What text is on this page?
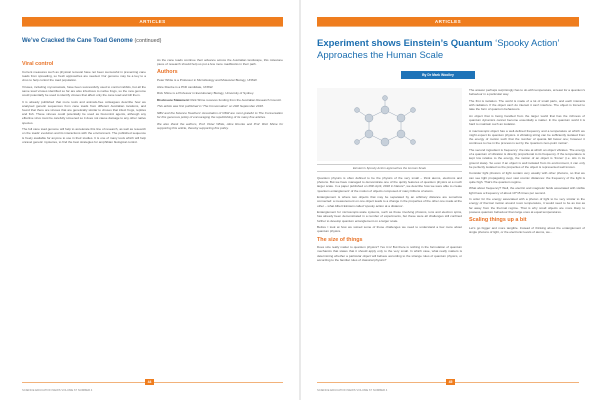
ARTICLES
We’ve Cracked the Cane Toad Genome (continued)
Viral control

Current measures such as physical removal have not been successful in preventing cane toads from spreading, so fresh approaches are needed. Our genome may be a key to a virus to help control the toad population.

Viruses, including myxomatosis, have been successfully used to control rabbits, but all the same toad viruses identified so far are also infectious to native frogs, so the new genome could potentially be used to identify viruses that affect only the cane toad and kill them.

It is already published that more tools and animals-free colleagues describe how we analysed genetic sequences from cane toads from different Australian locations, and found that there are viruses that are genetically similar to viruses that infect frogs, reptiles and fish. These viruses could potentially be used as biocontrol agents, although any effective virus must be carefully screened so it does not cause damage to any other native species.

The full cane toad genome will help to accelerate this line of research, as well as research on the toads' evolution and its interactions with the environment. The published sequence is freely available for anyone to use in their studies. It is one of many tools which will help unravel genetic mysteries, to find the best strategies for amphibian biological control.

As the cane toads continue their advance across the Australian landscape, this milestone piece of research should help us put a few more roadblocks in their path.

Authors

Peter White is a Professor in Microbiology and Molecular Biology, UNSW.

Alice Rourke is a PhD candidate, UNSW.

Rick Shine is a Professor in Evolutionary Biology, University of Sydney.

Disclosure Statement: Rick Shine receives funding from the Australian Research Council.

This article was first published in 'The Conversation' on 20th September 2018.

SBN and the Science Teachers' Association of NSW are most grateful to The Conversation for this generous policy of encouraging the republishing of its many fine articles.

We also thank the authors, Prof. Peter White, Alice Rourke and Prof. Rick Shine for supporting this article, thereby supporting this policy.

44
SCIENCE EDUCATION NEWS VOLUME 67 NUMBER 4
ARTICLES
Experiment shows Einstein’s Quantum ‘Spooky Action’
Approaches the Human Scale
By Dr Mark Woolley
Einstein's Spooky Action approaches the Human Scale

Quantum physics is often defined to be the physics of the very small – think atoms, electrons and photons. But we have managed to demonstrate one of the quirky features of quantum physics at a much larger scale. In a paper published on 26th April, 2018 in Nature*, we describe how we were able to create 'quantum entanglement' of the motion of objects composed of many billions of atoms.

Entanglement is where two objects that may be separated by an arbitrary distance are somehow connected: a measurement on one object leads to a change in the properties of the other one made at the other – what Albert Einstein called 'spooky action at a distance'.

Entanglement for microscopic-scale systems, such as those involving photons, ions and electron spins, has already been demonstrated in a number of experiments, but these were all challenges still confined further to develop quantum entanglement on a larger scale.

Before I look at how we solved some of those challenges we need to understand a few more about quantum physics.

The size of things

Does size really matter to quantum physics? Yes it is! But there is nothing in the formulation of quantum mechanics that states that it should apply only to the very small. In which case, what really matters is determining whether a particular object will behave according to the strange rules of quantum physics, or according to the familiar rules of classical physics?

The answer perhaps surprisingly has to do with temperature, at least for a quantum's behaviour in a particular way.

The first is isolation. The world is made of a lot of small parts, and each interacts with radiation. If the object can't do interact it can't interfere. The object is forced to take the form of quantum behaviours.

An object that is being handled from the larger world that has the richness of quantum dynamics cannot become essentially a matter. In the quantum world it is hard to maintain such an isolation.

A macroscopic object has a well-defined frequency and a temperature at which we might expect its quantum physics. A vibrating string can be sufficiently isolated from the energy of motion such that the number of quanta fall below one; however it continues to rise in the process is set by the 'quantum zero-point motion'.

The second ingredient is frequency: the rate at which an object vibrates. The energy of a quantum of vibration is directly proportional to its frequency. If the temperature is kept low relative to the energy, the motion of an object is 'frozen' (i.e. sits in its ground state). So even if an object is well isolated from its environment, it can only be perfectly isolated so the properties of the object is represented well known.

Consider light photons of light contain very weakly with other photons, so that we can see light propagating over vast cosmic distances: the frequency of the light is quite high. That's the quantum regime.

What about frequency? Well, the electric and magnetic fields associated with visible light have a frequency of about 10^15 times per second.

In order for the energy associated with a photon of light to be very similar to the energy of thermal motion around room temperature, it would need to be as low as far away from the thermal regime. That is why small objects are more likely to possess quantum behaviour than large ones at equal temperatures.

Scaling things up a bit

Let's go bigger and more tangible. Instead of thinking about the entanglement of single photons of light, or the electronic levels of atoms, we...

45
SCIENCE EDUCATION NEWS VOLUME 67 NUMBER 4
